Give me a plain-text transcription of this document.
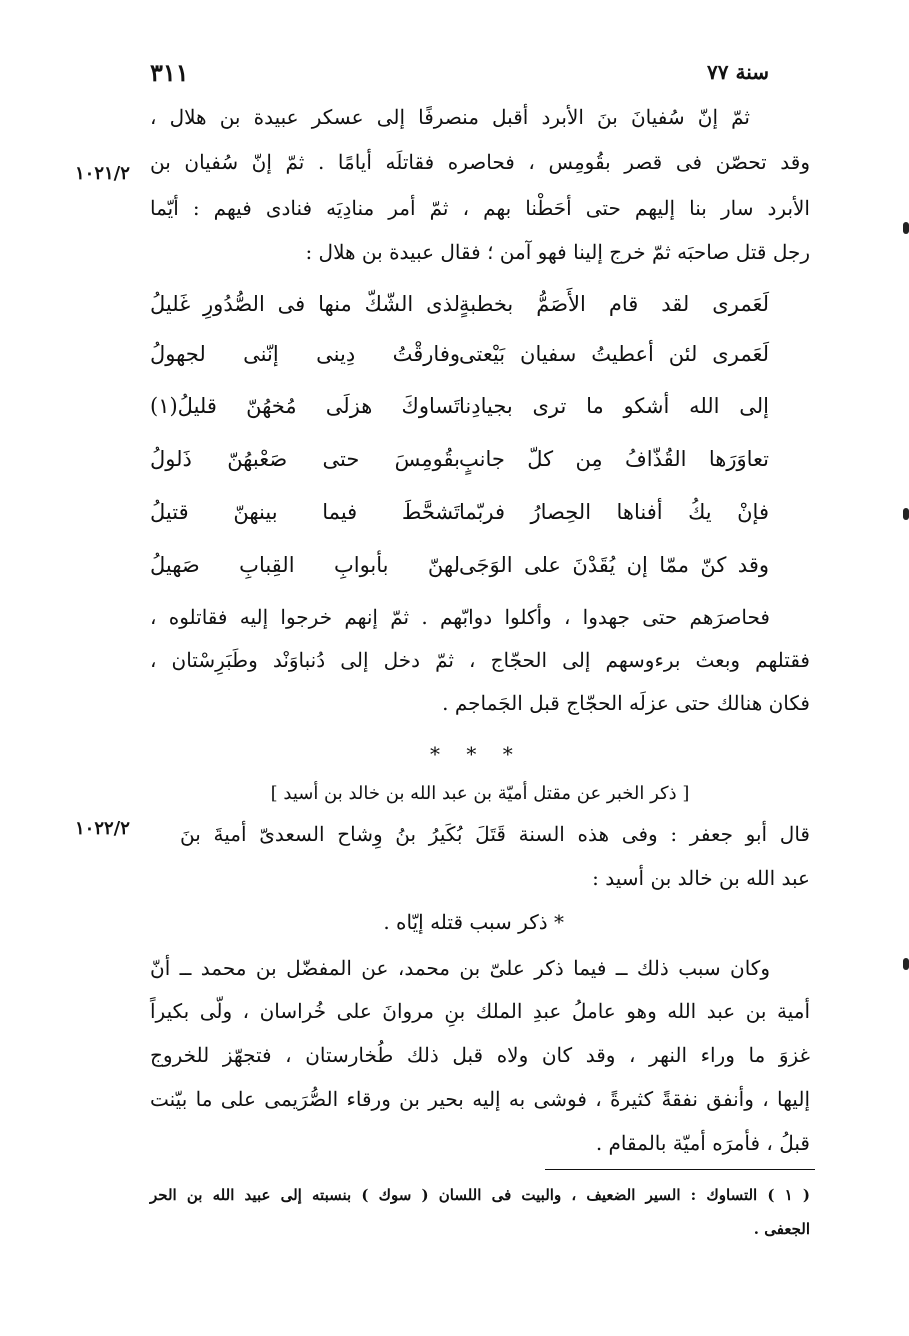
٣١١	سنة ٧٧
١٠٢١/٢
١٠٢٢/٢
ثمّ إنّ سُفيانَ بنَ الأبرد أقبل منصرفًا إلى عسكر عبيدة بن هلال ،
وقد تحصّن فى قصر بقُومِس ، فحاصره فقاتلَه أيامًا . ثمّ إنّ سُفيان بن
الأبرد سار بنا إليهم حتى أحَطْنا بهم ، ثمّ أمر منادِيَه فنادى فيهم : أيّما
رجل قتل صاحبَه ثمّ خرج إلينا فهو آمن ؛ فقال عبيدة بن هلال :
لَعَمرى لقد قام الأَصَمُّ بخطبةٍ
لذى الشّكّ منها فى الصُّدُورِ غَليلُ
لَعَمرى لئن أعطيتُ سفيان بَيْعتى
وفارقْتُ دِينى إنّنى لجهولُ
إلى الله أشكو ما ترى بجيادِنا
تَساوكَ هزلَى مُخهُنّ قليلُ(١)
تعاوَرَها القُذّافُ مِن كلّ جانبٍ
بقُومِسَ حتى صَعْبهُنّ ذَلولُ
فإنْ يكُ أفناها الحِصارُ فربّما
تَشحَّطَ فيما بينهنّ قتيلُ
وقد كنّ ممّا إن يُقَدْنَ على الوَجَى
لهنّ بأبوابِ القِبابِ صَهيلُ
فحاصرَهم حتى جهدوا ، وأكلوا دوابّهم . ثمّ إنهم خرجوا إليه فقاتلوه ،
فقتلهم وبعث برءوسهم إلى الحجّاج ، ثمّ دخل إلى دُنباوَنْد وطَبَرِسْتان ،
فكان هنالك حتى عزلَه الحجّاج قبل الجَماجم .
* * *
[ ذكر الخبر عن مقتل أميّة بن عبد الله بن خالد بن أسيد ]
قال أبو جعفر : وفى هذه السنة قَتَلَ بُكَيرُ بنُ وِشاح السعدىّ أميةَ بنَ
عبد الله بن خالد بن أسيد :
* ذكر سبب قتله إيّاه .
وكان سبب ذلك ــ فيما ذكر علىّ بن محمد، عن المفضّل بن محمد ــ أنّ
أمية بن عبد الله وهو عاملُ عبدِ الملك بنِ مروانَ على خُراسان ، ولّى بكيراً
غزوَ ما وراء النهر ، وقد كان ولاه قبل ذلك طُخارستان ، فتجهّز للخروج
إليها ، وأنفق نفقةً كثيرةً ، فوشى به إليه بحير بن ورقاء الصُّرَيمى على ما بيّنت
قبلُ ، فأمرَه أميّة بالمقام .
( ١ ) التساوك : السير الضعيف ، والبيت فى اللسان ( سوك ) بنسبته إلى عبيد الله بن الحر
الجعفى .
